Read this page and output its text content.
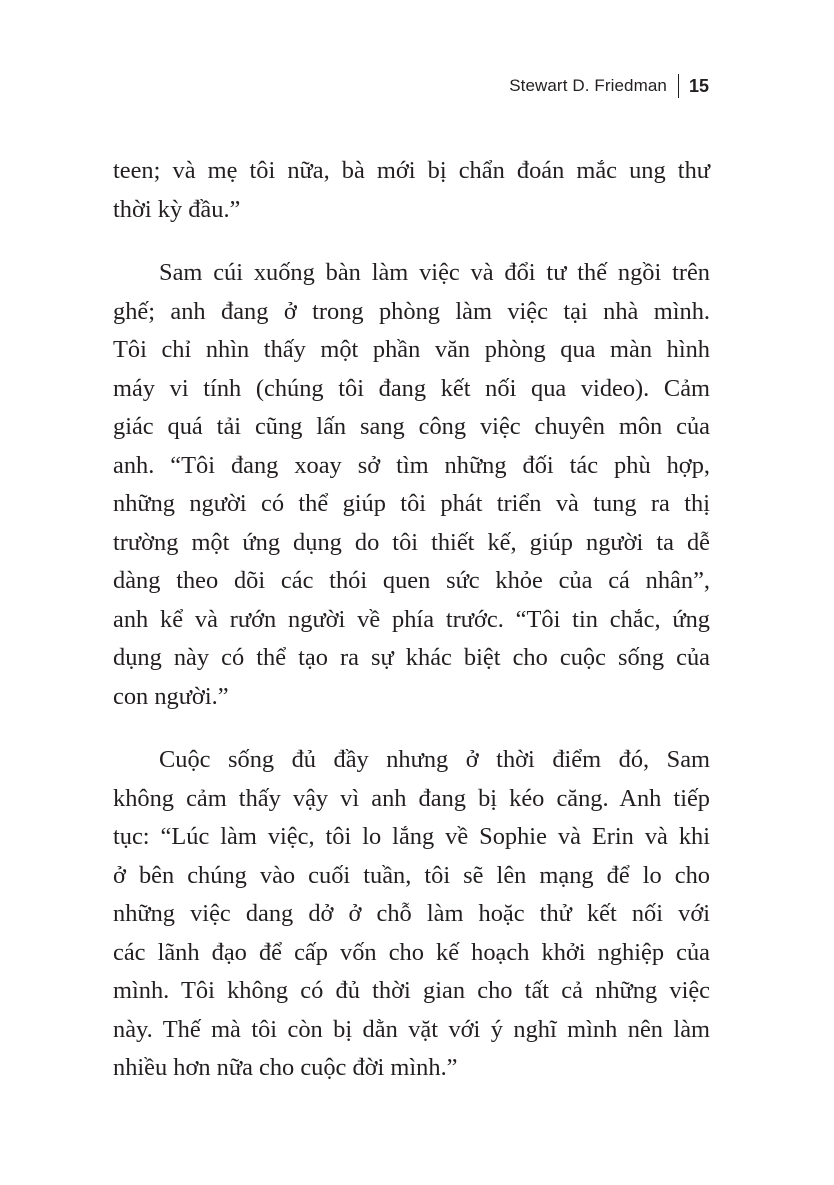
Stewart D. Friedman 15
teen; và mẹ tôi nữa, bà mới bị chẩn đoán mắc ung thư
thời kỳ đầu.”
Sam cúi xuống bàn làm việc và đổi tư thế ngồi trên
ghế; anh đang ở trong phòng làm việc tại nhà mình.
Tôi chỉ nhìn thấy một phần văn phòng qua màn hình
máy vi tính (chúng tôi đang kết nối qua video). Cảm
giác quá tải cũng lấn sang công việc chuyên môn của
anh. “Tôi đang xoay sở tìm những đối tác phù hợp,
những người có thể giúp tôi phát triển và tung ra thị
trường một ứng dụng do tôi thiết kế, giúp người ta dễ
dàng theo dõi các thói quen sức khỏe của cá nhân”,
anh kể và rướn người về phía trước. “Tôi tin chắc, ứng
dụng này có thể tạo ra sự khác biệt cho cuộc sống của
con người.”
Cuộc sống đủ đầy nhưng ở thời điểm đó, Sam
không cảm thấy vậy vì anh đang bị kéo căng. Anh tiếp
tục: “Lúc làm việc, tôi lo lắng về Sophie và Erin và khi
ở bên chúng vào cuối tuần, tôi sẽ lên mạng để lo cho
những việc dang dở ở chỗ làm hoặc thử kết nối với
các lãnh đạo để cấp vốn cho kế hoạch khởi nghiệp của
mình. Tôi không có đủ thời gian cho tất cả những việc
này. Thế mà tôi còn bị dằn vặt với ý nghĩ mình nên làm
nhiều hơn nữa cho cuộc đời mình.”
